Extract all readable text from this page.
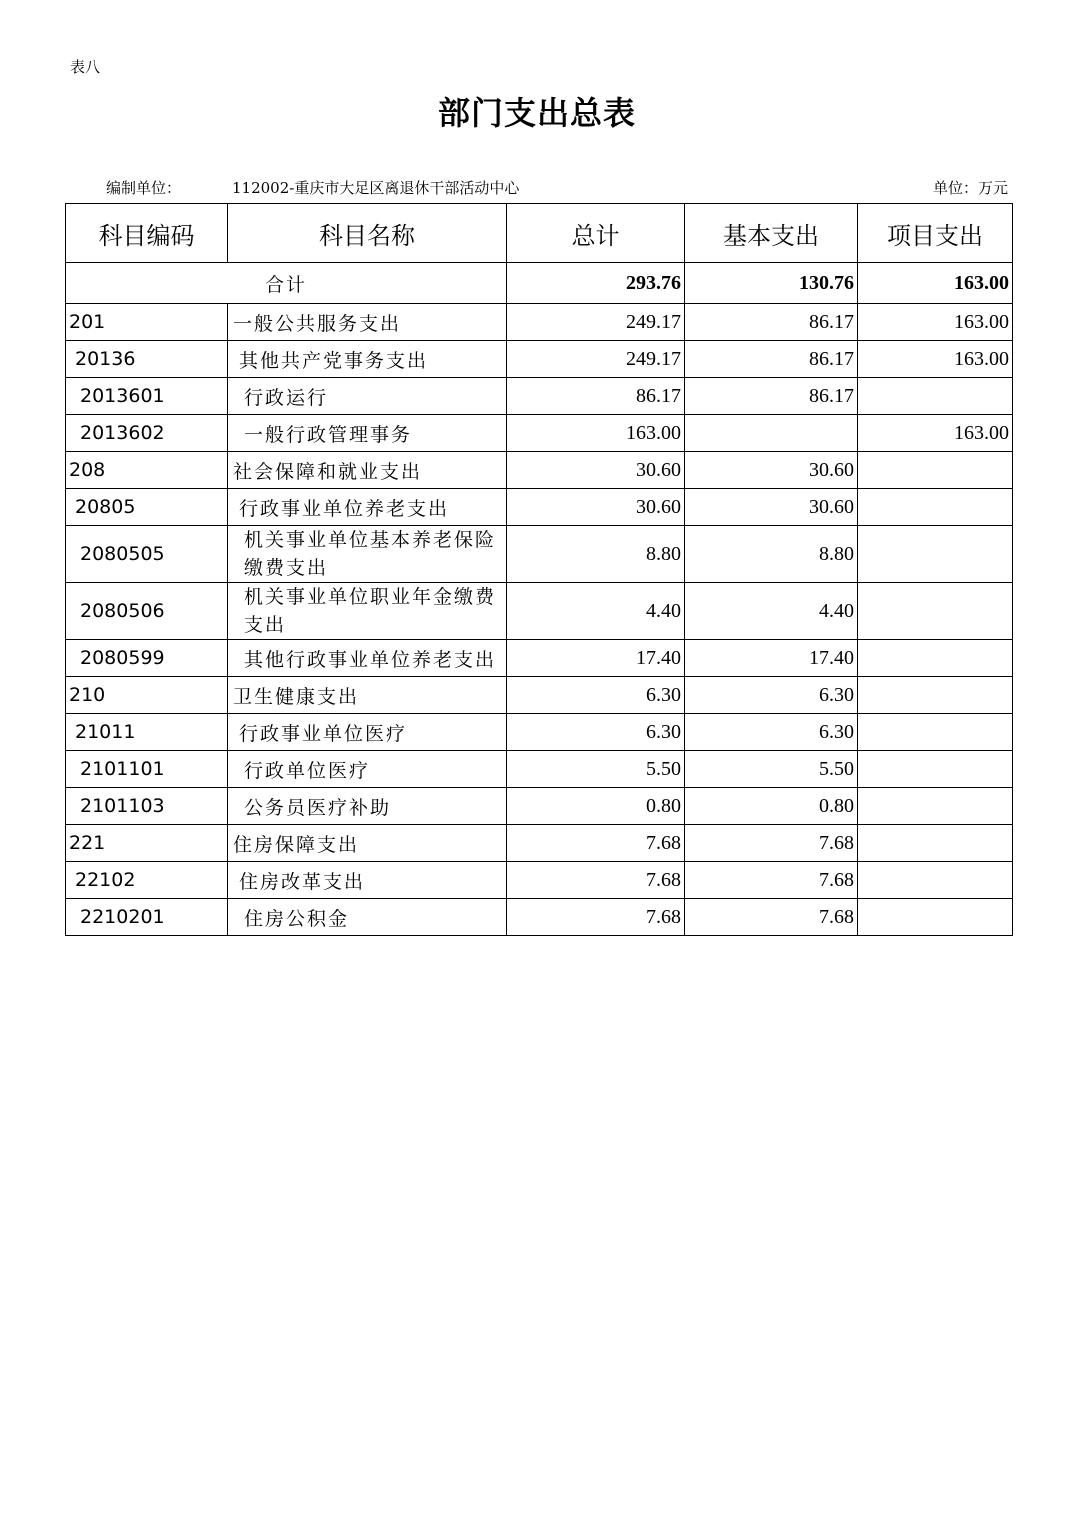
表八
部门支出总表
编制单位：	112002-重庆市大足区离退休干部活动中心	单位：万元
科目编码	科目名称	总计	基本支出	项目支出
合计		293.76	130.76	163.00
201	一般公共服务支出	249.17	86.17	163.00
20136	其他共产党事务支出	249.17	86.17	163.00
2013601	行政运行	86.17	86.17	
2013602	一般行政管理事务	163.00		163.00
208	社会保障和就业支出	30.60	30.60	
20805	行政事业单位养老支出	30.60	30.60	
2080505	机关事业单位基本养老保险缴费支出	8.80	8.80	
2080506	机关事业单位职业年金缴费支出	4.40	4.40	
2080599	其他行政事业单位养老支出	17.40	17.40	
210	卫生健康支出	6.30	6.30	
21011	行政事业单位医疗	6.30	6.30	
2101101	行政单位医疗	5.50	5.50	
2101103	公务员医疗补助	0.80	0.80	
221	住房保障支出	7.68	7.68	
22102	住房改革支出	7.68	7.68	
2210201	住房公积金	7.68	7.68	
